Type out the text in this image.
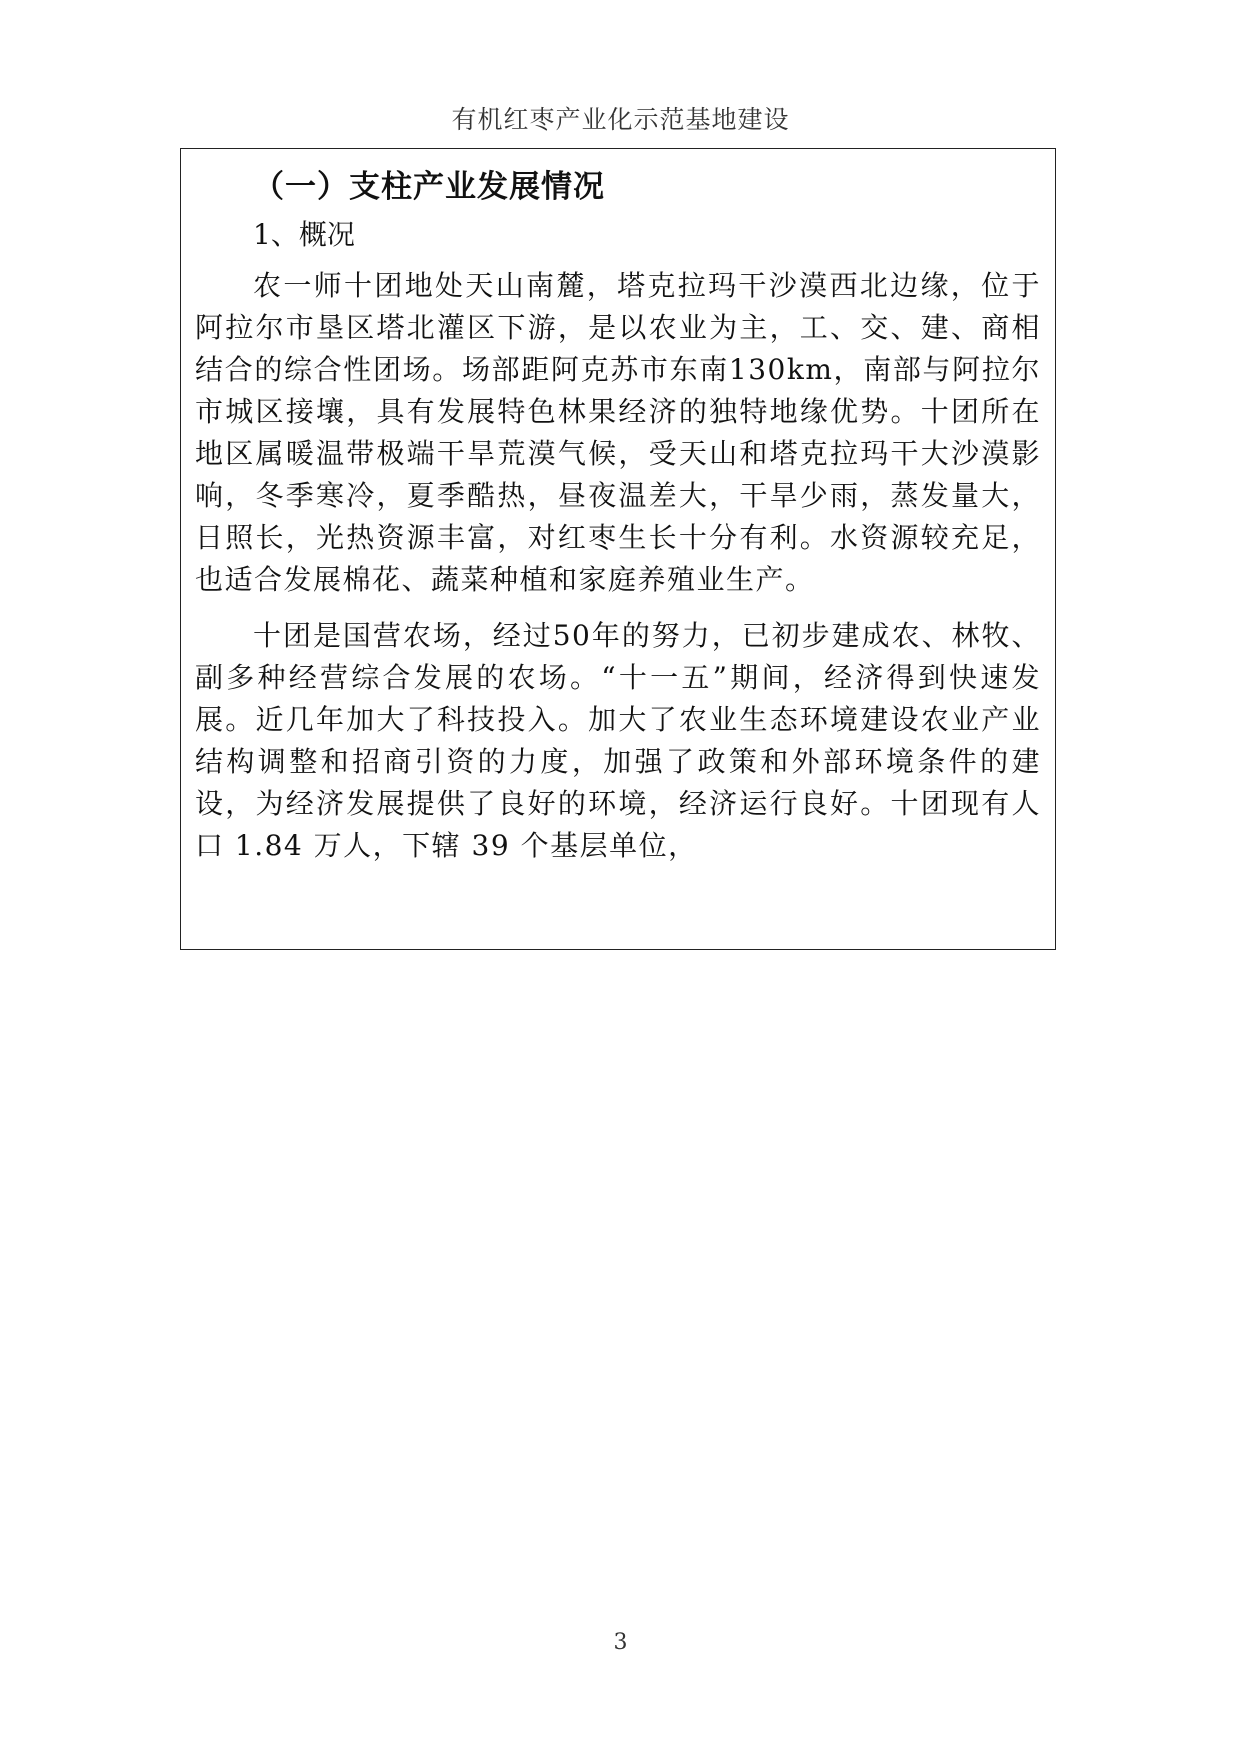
有机红枣产业化示范基地建设
（一）支柱产业发展情况
1、概况

农一师十团地处天山南麓，塔克拉玛干沙漠西北边缘，位于阿拉尔市垦区塔北灌区下游，是以农业为主，工、交、建、商相结合的综合性团场。场部距阿克苏市东南130km，南部与阿拉尔市城区接壤，具有发展特色林果经济的独特地缘优势。十团所在地区属暖温带极端干旱荒漠气候，受天山和塔克拉玛干大沙漠影响，冬季寒冷，夏季酷热，昼夜温差大，干旱少雨，蒸发量大，日照长，光热资源丰富，对红枣生长十分有利。水资源较充足，也适合发展棉花、蔬菜种植和家庭养殖业生产。

十团是国营农场，经过50年的努力，已初步建成农、林牧、副多种经营综合发展的农场。“十一五”期间，经济得到快速发展。近几年加大了科技投入。加大了农业生态环境建设农业产业结构调整和招商引资的力度，加强了政策和外部环境条件的建设，为经济发展提供了良好的环境，经济运行良好。十团现有人口 1.84 万人，下辖 39 个基层单位，

3
